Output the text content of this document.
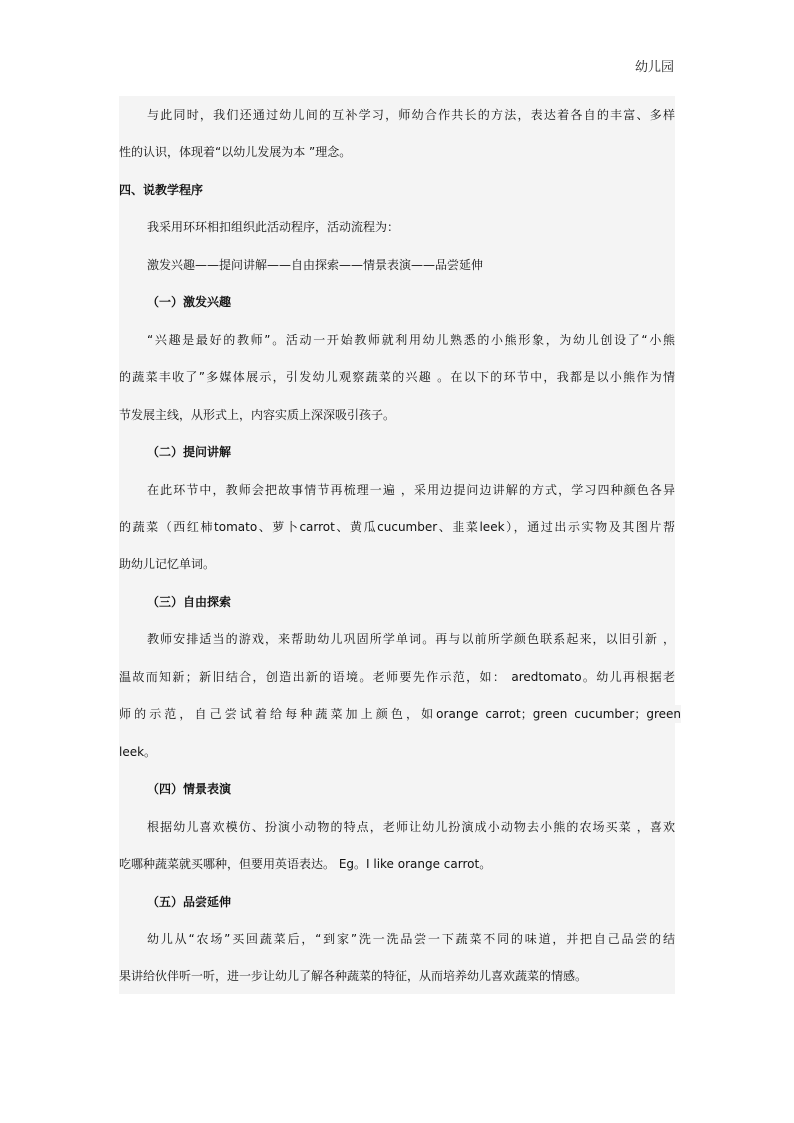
幼儿园
与此同时，我们还通过幼儿间的互补学习，师幼合作共长的方法，表达着各自的丰富、多样
性的认识，体现着“以幼儿发展为本 ”理念。
四、说教学程序
我采用环环相扣组织此活动程序，活动流程为：
激发兴趣——提问讲解——自由探索——情景表演——品尝延伸
（一）激发兴趣
“兴趣是最好的教师”。活动一开始教师就利用幼儿熟悉的小熊形象，为幼儿创设了“小熊
的蔬菜丰收了”多媒体展示，引发幼儿观察蔬菜的兴趣 。在以下的环节中，我都是以小熊作为情
节发展主线，从形式上，内容实质上深深吸引孩子。
（二）提问讲解
在此环节中，教师会把故事情节再梳理一遍 ，采用边提问边讲解的方式，学习四种颜色各异
的蔬菜（西红柿tomato、萝卜carrot、黄瓜cucumber、韭菜leek），通过出示实物及其图片帮
助幼儿记忆单词。
（三）自由探索
教师安排适当的游戏，来帮助幼儿巩固所学单词。再与以前所学颜色联系起来，以旧引新 ，
温故而知新；新旧结合，创造出新的语境。老师要先作示范，如： aredtomato。幼儿再根据老
师的示范，自己尝试着给每种蔬菜加上颜色，如orange carrot；green cucumber；green
leek。
（四）情景表演
根据幼儿喜欢模仿、扮演小动物的特点，老师让幼儿扮演成小动物去小熊的农场买菜 ，喜欢
吃哪种蔬菜就买哪种，但要用英语表达。 Eg。I like orange carrot。
（五）品尝延伸
幼儿从“农场”买回蔬菜后，“到家”洗一洗品尝一下蔬菜不同的味道，并把自己品尝的结
果讲给伙伴听一听，进一步让幼儿了解各种蔬菜的特征，从而培养幼儿喜欢蔬菜的情感。
